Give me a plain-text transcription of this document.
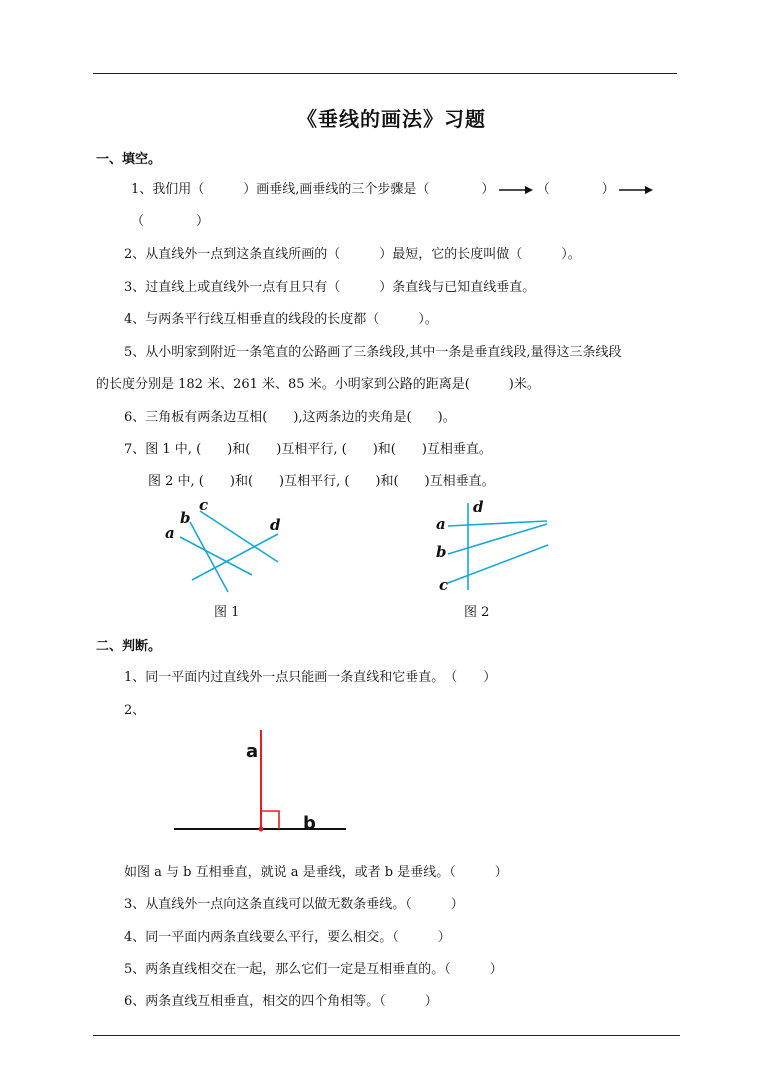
《垂线的画法》习题
一、填空。
1、我们用（　　　）画垂线,画垂线的三个步骤是（　　　　）	（　　　　）
（　　　　）
2、从直线外一点到这条直线所画的（　　　）最短，它的长度叫做（　　　）。
3、过直线上或直线外一点有且只有（　　　）条直线与已知直线垂直。
4、与两条平行线互相垂直的线段的长度都（　　　）。
5、从小明家到附近一条笔直的公路画了三条线段,其中一条是垂直线段,量得这三条线段
的长度分别是 182 米、261 米、85 米。小明家到公路的距离是(　　　)米。
6、三角板有两条边互相(　　),这两条边的夹角是(　　)。
7、图 1 中, (　　)和(　　)互相平行, (　　)和(　　)互相垂直。
图 2 中, (　　)和(　　)互相平行, (　　)和(　　)互相垂直。
a
b
c
d
图 1
a
b
c
d
图 2
二、判断。
1、同一平面内过直线外一点只能画一条直线和它垂直。　（　　）
2、
a
b
如图 a 与 b 互相垂直，就说 a 是垂线，或者 b 是垂线。（　　　）
3、从直线外一点向这条直线可以做无数条垂线。（　　　）
4、同一平面内两条直线要么平行，要么相交。（　　　）
5、两条直线相交在一起，那么它们一定是互相垂直的。（　　　）
6、两条直线互相垂直，相交的四个角相等。（　　　）
